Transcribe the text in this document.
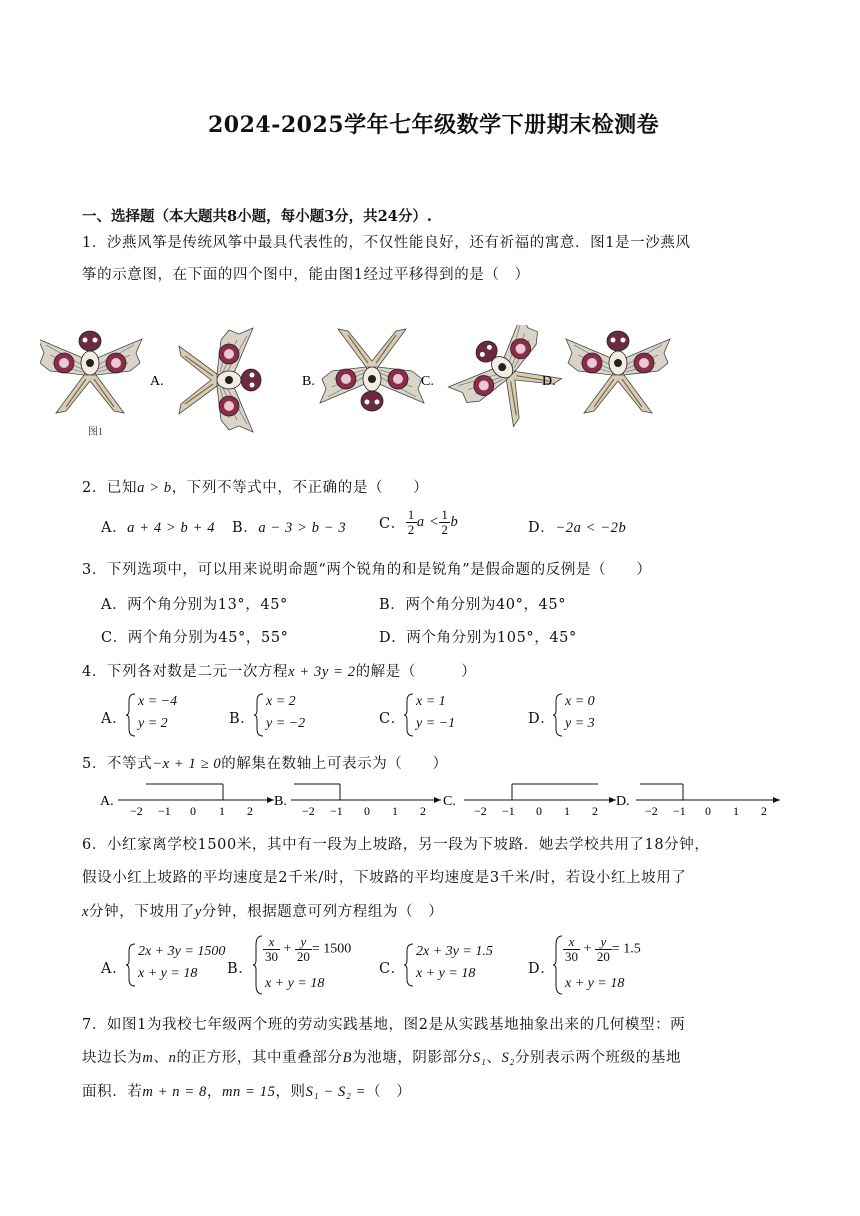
2024-2025学年七年级数学下册期末检测卷
一、选择题（本大题共8小题，每小题3分，共24分）.
1．沙燕风筝是传统风筝中最具代表性的，不仅性能良好，还有祈福的寓意．图1是一沙燕风
筝的示意图，在下面的四个图中，能由图1经过平移得到的是（　）
图1
A.	B.	C.	D.
2．已知a > b，下列不等式中，不正确的是（　　）
A．a + 4 > b + 4 B．a − 3 > b − 3 C． $\frac{1}{2}$ $a < \frac{1}{2}$ b	D．−2a < −2b
3．下列选项中，可以用来说明命题“两个锐角的和是锐角”是假命题的反例是（　　）
A．两个角分别为13°，45°	B．两个角分别为40°，45°
C．两个角分别为45°，55°	D．两个角分别为105°，45°
4．下列各对数是二元一次方程x + 3y = 2的解是（　　　）
A．
x = −4
y = 2	B．
x = 2
y = −2	C．
x = 1
y = −1	D．
x = 0
y = 3
5．不等式−x + 1 ≥ 0的解集在数轴上可表示为（　　）
A.
−2 −1 0 1 2
B.
−2 −1 0 1 2
C.
−2 −1 0 1 2
D.
−2 −1 0 1 2
6．小红家离学校1500米，其中有一段为上坡路，另一段为下坡路．她去学校共用了18分钟，
假设小红上坡路的平均速度是2千米/时，下坡路的平均速度是3千米/时，若设小红上坡用了
x分钟，下坡用了y分钟，根据题意可列方程组为（　）
A．
2x + 3y = 1500
x + y = 18 B．
$\frac{x}{30} + \frac{y}{20} = 1500$
x + y = 18
C．
2x + 3y = 1.5
x + y = 18	D．
$\frac{x}{30} + \frac{y}{20} = 1.5$
x + y = 18
7．如图1为我校七年级两个班的劳动实践基地，图2是从实践基地抽象出来的几何模型：两
块边长为m、n的正方形，其中重叠部分B为池塘，阴影部分S₁、S₂分别表示两个班级的基地
面积．若m + n = 8，mn = 15，则S₁ − S₂ =（　）
